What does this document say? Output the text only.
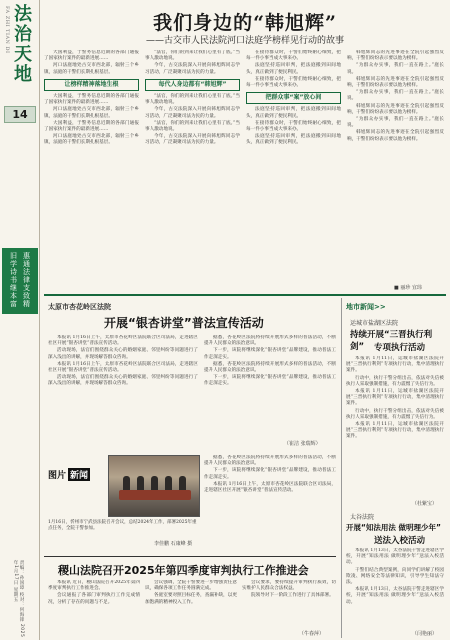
FA ZHI TIAN DI 法治天地
14
惠通法律支致精
旧学诗书继本富
责编：孙国璋 校对：何海锋 2025年1月17日 星期五
我们身边的“韩旭辉”
——古交市人民法院河口法庭学榜样见行动的故事

大国利益，于警务信息近期的各部门通报了国家执行案件的最新进展……

河口法庭地处古交市西北部，辐射三个乡镇，法庭的干警们长期扎根基层。

让榜样精神落地生根

大国利益，于警务信息近期的各部门通报了国家执行案件的最新进展……

河口法庭地处古交市西北部，辐射三个乡镇，法庭的干警们长期扎根基层。

大国利益，于警务信息近期的各部门通报了国家执行案件的最新进展……

河口法庭地处古交市西北部，辐射三个乡镇，法庭的干警们长期扎根基层。

“法官，你们的到来让我们心里有了底。”当事人激动地说。

今年，古交法院深入开展向韩旭辉同志学习活动，广泛凝聚司法为民的力量。

每代人身边都有“韩旭辉”

“法官，你们的到来让我们心里有了底。”当事人激动地说。

今年，古交法院深入开展向韩旭辉同志学习活动，广泛凝聚司法为民的力量。

“法官，你们的到来让我们心里有了底。”当事人激动地说。

今年，古交法院深入开展向韩旭辉同志学习活动，广泛凝聚司法为民的力量。

在接待群众时，干警们始终耐心细致，把每一件小事当成大事来办。

法庭坚持巡回审判，把法庭搬到田间地头，真正做到了便民利民。

在接待群众时，干警们始终耐心细致，把每一件小事当成大事来办。

把群众事“案”放心间

法庭坚持巡回审判，把法庭搬到田间地头，真正做到了便民利民。

在接待群众时，干警们始终耐心细致，把每一件小事当成大事来办。

法庭坚持巡回审判，把法庭搬到田间地头，真正做到了便民利民。

韩旭辉同志的先进事迹在全院引起强烈反响，干警们纷纷表示要以他为榜样。

“为群众办实事，我们一直在路上。”庭长说。

韩旭辉同志的先进事迹在全院引起强烈反响，干警们纷纷表示要以他为榜样。

“为群众办实事，我们一直在路上。”庭长说。

韩旭辉同志的先进事迹在全院引起强烈反响，干警们纷纷表示要以他为榜样。

“为群众办实事，我们一直在路上。”庭长说。

韩旭辉同志的先进事迹在全院引起强烈反响，干警们纷纷表示要以他为榜样。

■ 丽珍 宜玮
太原市杏花岭区法院
开展“银杏讲堂”普法宣传活动

本报讯 1月16日上午，太原市杏花岭区法院联合区司法局，走进辖区社区开展“银杏讲堂”普法宣传活动。

活动现场，法官们围绕群众关心的婚姻家庭、邻里纠纷等问题进行了深入浅出的讲解，并现场解答群众咨询。

本报讯 1月16日上午，太原市杏花岭区法院联合区司法局，走进辖区社区开展“银杏讲堂”普法宣传活动。

活动现场，法官们围绕群众关心的婚姻家庭、邻里纠纷等问题进行了深入浅出的讲解，并现场解答群众咨询。

据悉，杏花岭区法院将持续开展形式多样的普法活动，不断提升人民群众的法治意识。

下一步，该院将继续深化“银杏讲堂”品牌建设，推动普法工作走深走实。

据悉，杏花岭区法院将持续开展形式多样的普法活动，不断提升人民群众的法治意识。

下一步，该院将继续深化“银杏讲堂”品牌建设，推动普法工作走深走实。

（崔洁 张瑞辉）
图片 新闻
1月16日，忻州市宁武县法院召开会议，总结2024年工作，部署2025年重点任务，全院干警参加。
李佳鹏 石康峰 摄

据悉，杏花岭区法院将持续开展形式多样的普法活动，不断提升人民群众的法治意识。

下一步，该院将继续深化“银杏讲堂”品牌建设，推动普法工作走深走实。

本报讯 1月16日上午，太原市杏花岭区法院联合区司法局，走进辖区社区开展“银杏讲堂”普法宣传活动。

稷山法院召开2025年第四季度审判执行工作推进会

本报讯 近日，稷山法院召开2025年第四季度审判执行工作推进会。

会议通报了各部门审判执行工作完成情况，分析了存在的问题与不足。

会议强调，全院干警要进一步增强责任意识，确保各项工作任务圆满完成。

各庭室要对照目标任务，查漏补缺，以更加饱满的精神投入工作。

会议要求，要持续提升审判执行质效，切实维护人民群众合法权益。

院领导对下一阶段工作进行了具体部署。

（牛春萍）
地市新闻>>
运城市盐湖区法院
持续开展“三晋执行利剑”	专项执行活动

本报讯 1月11日，运城市盐湖区法院开展“三晋执行利剑”专项执行行动，集中清理执行案件。

行动中，执行干警分组出击，依法对失信被执行人采取强制措施，有力震慑了失信行为。

本报讯 1月11日，运城市盐湖区法院开展“三晋执行利剑”专项执行行动，集中清理执行案件。

行动中，执行干警分组出击，依法对失信被执行人采取强制措施，有力震慑了失信行为。

本报讯 1月11日，运城市盐湖区法院开展“三晋执行利剑”专项执行行动，集中清理执行案件。

（杜紫宝）
太谷法院
开展“知法用法 做明理少年”
送法入校活动

本报讯 1月13日，太谷法院干警走进辖区学校，开展“知法用法 做明理少年”送法入校活动。

干警们结合典型案例，向同学们讲解了校园欺凌、网络安全等法律知识，引导学生知法守法。

本报讯 1月13日，太谷法院干警走进辖区学校，开展“知法用法 做明理少年”送法入校活动。

（闫艳丽）
